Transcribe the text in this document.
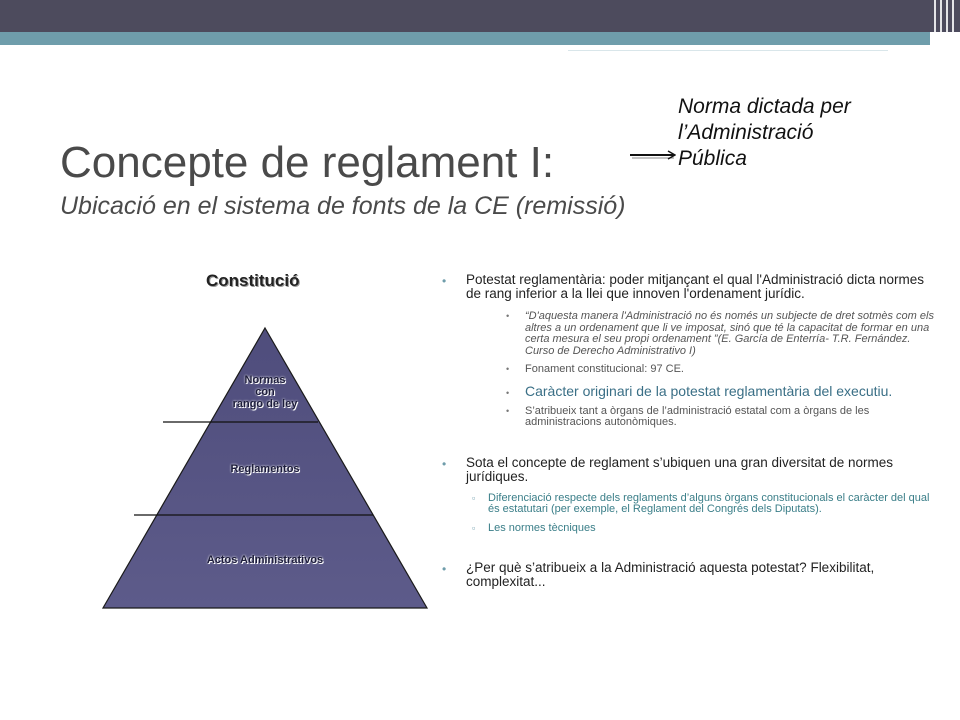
Concepte de reglament I:
Ubicació en el sistema de fonts de la CE (remissió)
Norma dictada per
l’Administració
Pública
Constitució
Normas
con
rango de ley
Reglamentos
Actos Administrativos
• Potestat reglamentària: poder mitjançant el qual l'Administració dicta normes de rang inferior a la llei que innoven l'ordenament jurídic.
• “D'aquesta manera l'Administració no és només un subjecte de dret sotmès com els altres a un ordenament que li ve imposat, sinó que té la capacitat de formar en una certa mesura el seu propi ordenament ”(E. García de Enterría- T.R. Fernández. Curso de Derecho Administrativo I)
• Fonament constitucional: 97 CE.
• Caràcter originari de la potestat reglamentària del executiu.
• S’atribueix tant a òrgans de l’administració estatal com a òrgans de les administracions autonòmiques.
• Sota el concepte de reglament s’ubiquen una gran diversitat de normes jurídiques.
▫ Diferenciació respecte dels reglaments d’alguns òrgans constitucionals el caràcter del qual és estatutari (per exemple, el Reglament del Congrés dels Diputats).
▫ Les normes tècniques
• ¿Per què s’atribueix a la Administració aquesta potestat? Flexibilitat, complexitat...
